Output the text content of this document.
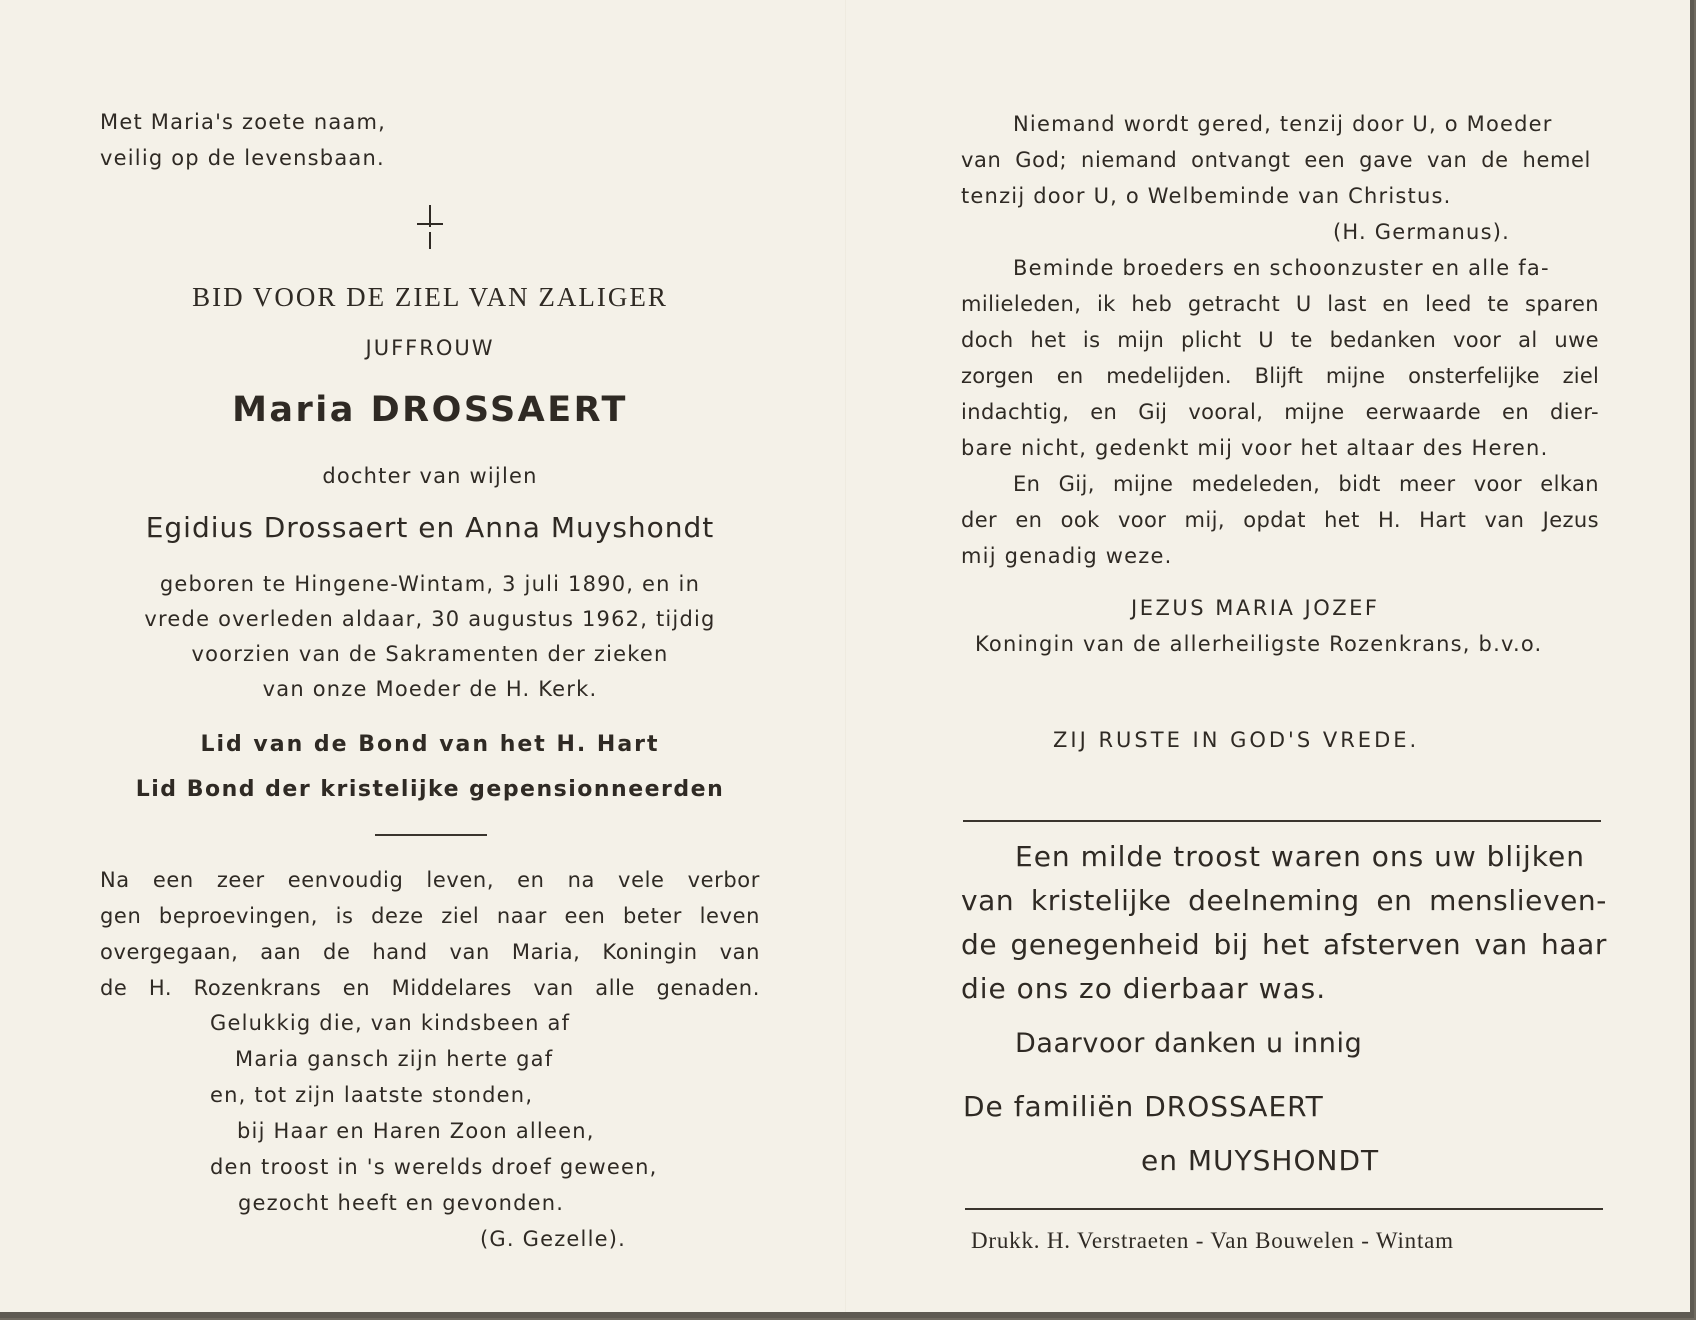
Met Maria's zoete naam,
veilig op de levensbaan.
BID VOOR DE ZIEL VAN ZALIGER
JUFFROUW
Maria DROSSAERT
dochter van wijlen
Egidius Drossaert en Anna Muyshondt
geboren te Hingene-Wintam, 3 juli 1890, en in
vrede overleden aldaar, 30 augustus 1962, tijdig
voorzien van de Sakramenten der zieken
van onze Moeder de H. Kerk.
Lid van de Bond van het H. Hart
Lid Bond der kristelijke gepensionneerden
Na een zeer eenvoudig leven, en na vele verbor
gen beproevingen, is deze ziel naar een beter leven
overgegaan, aan de hand van Maria, Koningin van
de H. Rozenkrans en Middelares van alle genaden.
Gelukkig die, van kindsbeen af
Maria gansch zijn herte gaf
en, tot zijn laatste stonden,
bij Haar en Haren Zoon alleen,
den troost in 's werelds droef geween,
gezocht heeft en gevonden.
(G. Gezelle).
Niemand wordt gered, tenzij door U, o Moeder
van God; niemand ontvangt een gave van de hemel
tenzij door U, o Welbeminde van Christus.
(H. Germanus).
Beminde broeders en schoonzuster en alle fa-
milieleden, ik heb getracht U last en leed te sparen
doch het is mijn plicht U te bedanken voor al uwe
zorgen en medelijden. Blijft mijne onsterfelijke ziel
indachtig, en Gij vooral, mijne eerwaarde en dier-
bare nicht, gedenkt mij voor het altaar des Heren.
En Gij, mijne medeleden, bidt meer voor elkan
der en ook voor mij, opdat het H. Hart van Jezus
mij genadig weze.
JEZUS MARIA JOZEF
Koningin van de allerheiligste Rozenkrans, b.v.o.
ZIJ RUSTE IN GOD'S VREDE.
Een milde troost waren ons uw blijken
van kristelijke deelneming en menslieven-
de genegenheid bij het afsterven van haar
die ons zo dierbaar was.
Daarvoor danken u innig
De familiën DROSSAERT
en MUYSHONDT
Drukk. H. Verstraeten - Van Bouwelen - Wintam
